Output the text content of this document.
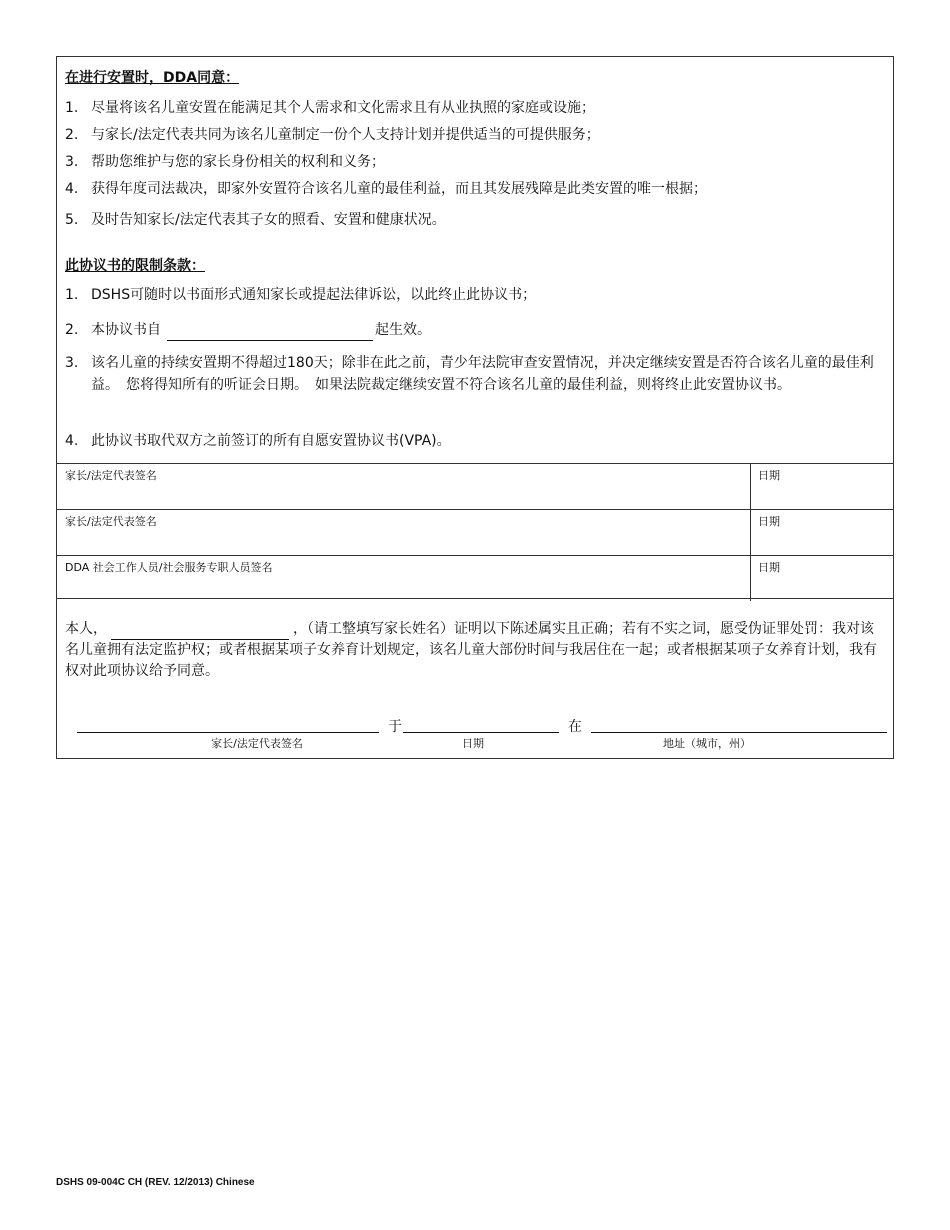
在进行安置时，DDA同意：
1. 尽量将该名儿童安置在能满足其个人需求和文化需求且有从业执照的家庭或设施；
2. 与家长/法定代表共同为该名儿童制定一份个人支持计划并提供适当的可提供服务；
3. 帮助您维护与您的家长身份相关的权利和义务；
4. 获得年度司法裁决，即家外安置符合该名儿童的最佳利益，而且其发展残障是此类安置的唯一根据；
5. 及时告知家长/法定代表其子女的照看、安置和健康状况。
此协议书的限制条款：
1. DSHS可随时以书面形式通知家长或提起法律诉讼，以此终止此协议书；
2. 本协议书自	起生效。
3. 该名儿童的持续安置期不得超过180天；除非在此之前，青少年法院审查安置情况，并决定继续安置是否符合该名儿童的最佳利益。　您将得知所有的听证会日期。　如果法院裁定继续安置不符合该名儿童的最佳利益，则将终止此安置协议书。
4. 此协议书取代双方之前签订的所有自愿安置协议书(VPA)。
家长/法定代表签名	日期
家长/法定代表签名	日期
DDA 社会工作人员/社会服务专职人员签名	日期
本人，	，（请工整填写家长姓名）证明以下陈述属实且正确；若有不实之词，愿受伪证罪处罚：我对该名儿童拥有法定监护权；或者根据某项子女养育计划规定，该名儿童大部份时间与我居住在一起；或者根据某项子女养育计划，我有权对此项协议给予同意。
于	在
家长/法定代表签名	日期	地址（城市，州）
DSHS 09-004C CH (REV. 12/2013) Chinese
